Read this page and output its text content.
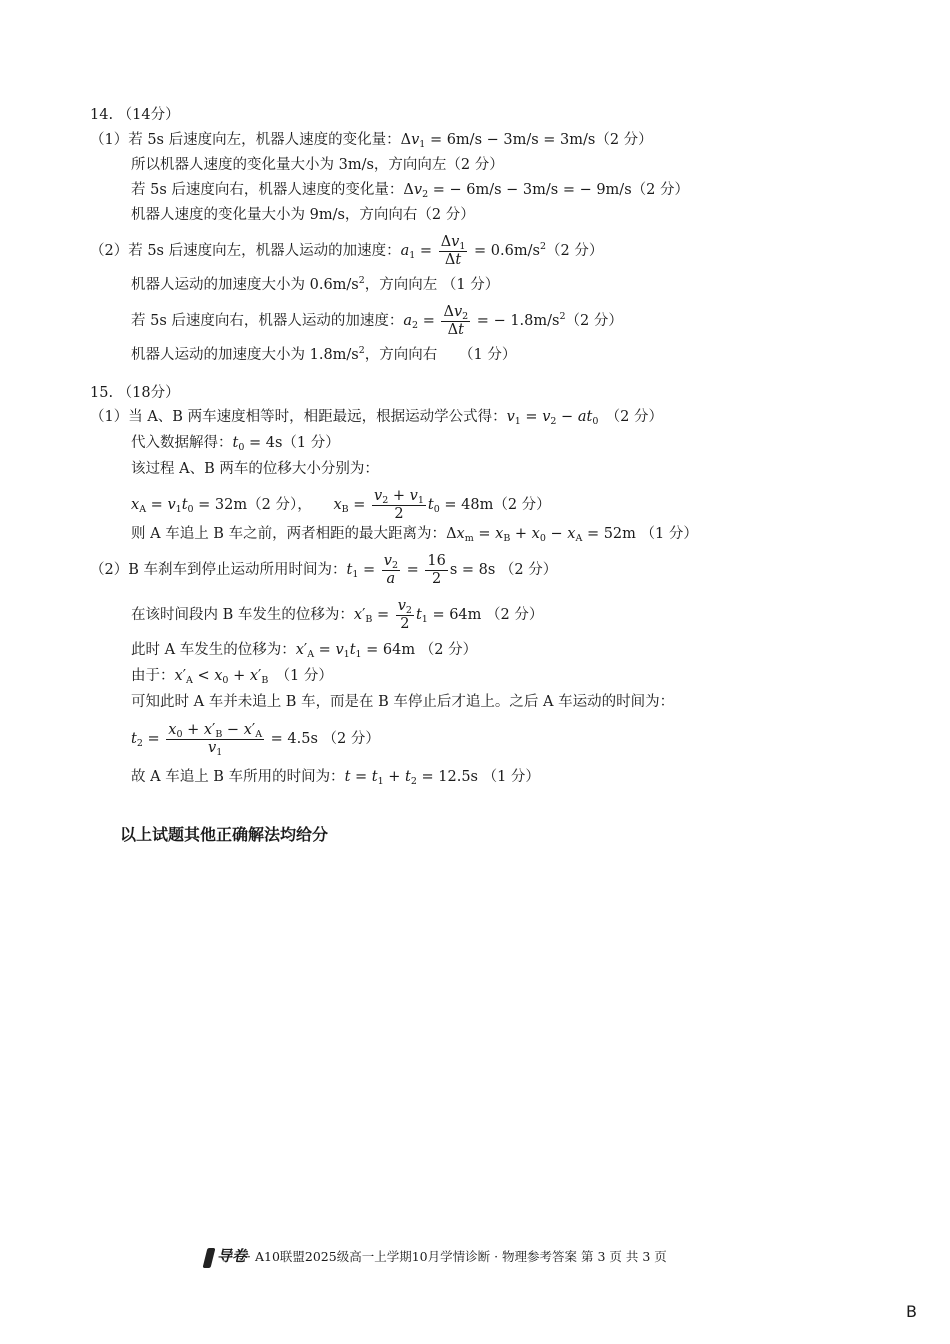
14. （14分）
（1）若 5s 后速度向左，机器人速度的变化量：$\Delta v_1 = 6m/s - 3m/s = 3m/s(2$ 分）
所以机器人速度的变化量大小为 3m/s，方向向左（2 分）
若 5s 后速度向右，机器人速度的变化量：$\Delta v_2$ = − 6m/s − 3m/s = − 9m/s（2 分）
机器人速度的变化量大小为 9m/s，方向向右（2 分）
（2）若 5s 后速度向左，机器人运动的加速度：$a_1 = \frac{\Delta v_1}{\Delta t} = 0.6m/s^2(2$ 分）
机器人运动的加速度大小为 $0.6m/s^2$，方向向左 （1 分）
若 5s 后速度向右，机器人运动的加速度：$a_2 = \frac{\Delta v_2}{\Delta t}$ = − $1.8m/s^2(2$ 分）
机器人运动的加速度大小为 $1.8m/s^2$，方向向右　　（1 分）
15. （18分）
（1）当 A、B 两车速度相等时，相距最远，根据运动学公式得：$v_1 = v_2 - at_0$　 （2 分）
代入数据解得：$t_0 = 4s(1$ 分）
该过程 A、B 两车的位移大小分别为：
$x_A = v_1t_0 = 32m(2$ 分），　　 $x_B = \frac{v_2 + v_1}{2} t_0 = 48m(2$ 分）
则 A 车追上 B 车之前，两者相距的最大距离为：$\Delta x_m = x_B + x_0 - x_A = 52m$ （1 分）
（2）B 车刹车到停止运动所用时间为：$t_1 = \frac{v_2}{a} = \frac{16}{2}$ s = 8s （2 分）
在该时间段内 B 车发生的位移为：$x'_B = \frac{v_2}{2} t_1 = 64m$ （2 分）
此时 A 车发生的位移为：$x'_A = v_1t_1 = 64m$ （2 分）
由于：$x'_A < x_0 + x'_B$　 （1 分）
可知此时 A 车并未追上 B 车，而是在 B 车停止后才追上。之后 A 车运动的时间为：
$t_2 = \frac{x_0 + x'_B - x'_A}{v_1} = 4.5s$ （2 分）
故 A 车追上 B 车所用的时间为：$t = t_1 + t_2 = 12.5s$ （1 分）
以上试题其他正确解法均给分
导卷· A10联盟2025级高一上学期10月学情诊断 · 物理参考答案 第 3 页 共 3 页
B
